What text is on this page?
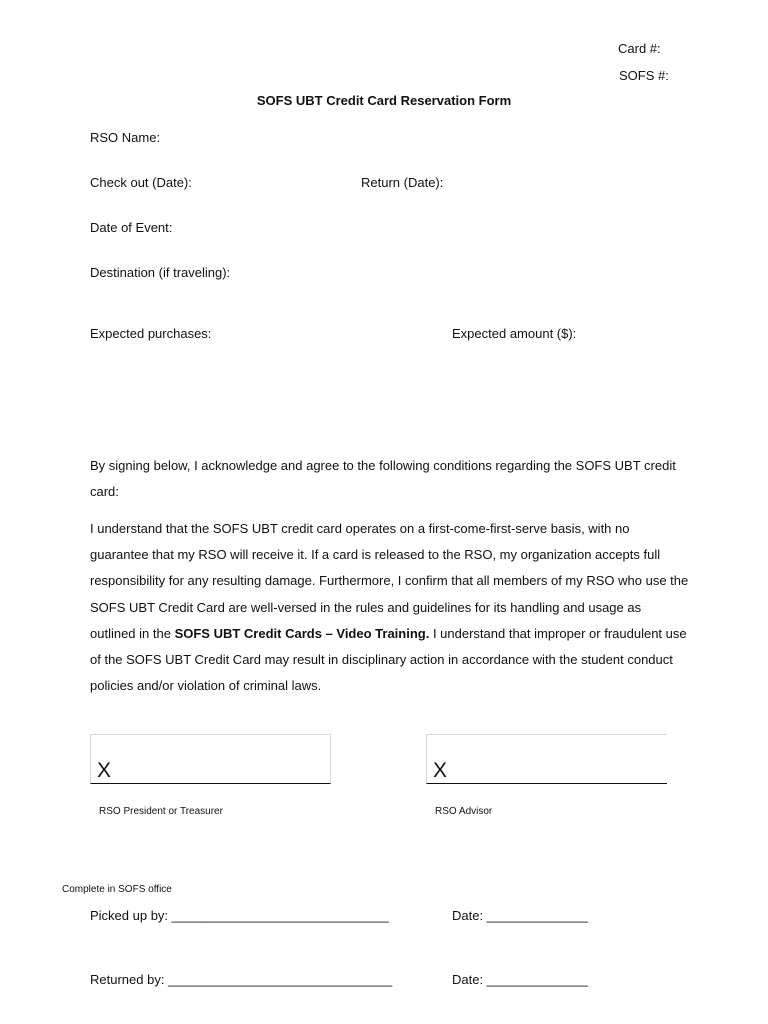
Card #:
SOFS #:
SOFS UBT Credit Card Reservation Form
RSO Name:
Check out (Date):	Return (Date):
Date of Event:
Destination (if traveling):
Expected purchases:	Expected amount ($):
By signing below, I acknowledge and agree to the following conditions regarding the SOFS UBT credit card:
I understand that the SOFS UBT credit card operates on a first-come-first-serve basis, with no guarantee that my RSO will receive it. If a card is released to the RSO, my organization accepts full responsibility for any resulting damage. Furthermore, I confirm that all members of my RSO who use the SOFS UBT Credit Card are well-versed in the rules and guidelines for its handling and usage as outlined in the SOFS UBT Credit Cards – Video Training. I understand that improper or fraudulent use of the SOFS UBT Credit Card may result in disciplinary action in accordance with the student conduct policies and/or violation of criminal laws.
X	X
RSO President or Treasurer	RSO Advisor
Complete in SOFS office
Picked up by: ______________________________	Date: ______________
Returned by: _______________________________	Date: ______________
